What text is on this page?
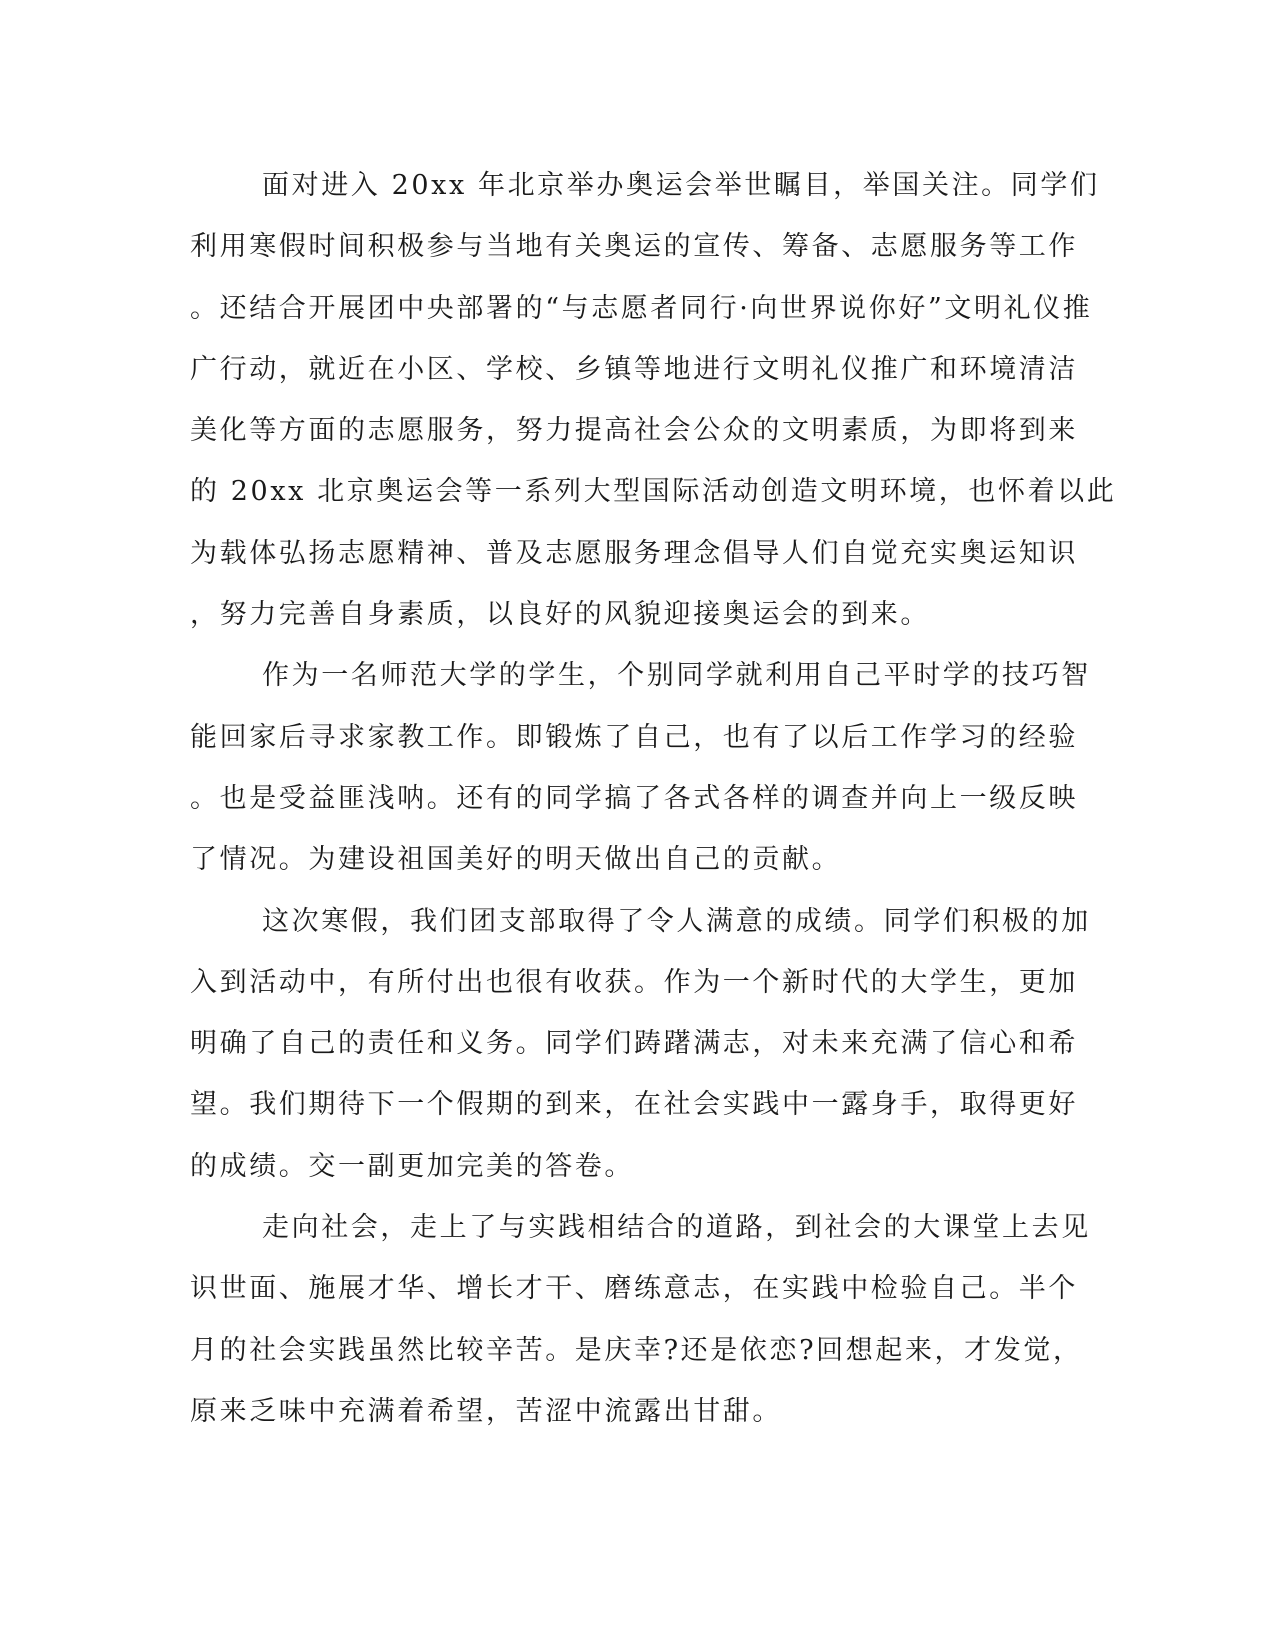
面对进入 20xx 年北京举办奥运会举世瞩目，举国关注。同学们
利用寒假时间积极参与当地有关奥运的宣传、筹备、志愿服务等工作
。还结合开展团中央部署的“与志愿者同行·向世界说你好”文明礼仪推
广行动，就近在小区、学校、乡镇等地进行文明礼仪推广和环境清洁
美化等方面的志愿服务，努力提高社会公众的文明素质，为即将到来
的 20xx 北京奥运会等一系列大型国际活动创造文明环境，也怀着以此
为载体弘扬志愿精神、普及志愿服务理念倡导人们自觉充实奥运知识
，努力完善自身素质，以良好的风貌迎接奥运会的到来。

作为一名师范大学的学生，个别同学就利用自己平时学的技巧智
能回家后寻求家教工作。即锻炼了自己，也有了以后工作学习的经验
。也是受益匪浅呐。还有的同学搞了各式各样的调查并向上一级反映
了情况。为建设祖国美好的明天做出自己的贡献。

这次寒假，我们团支部取得了令人满意的成绩。同学们积极的加
入到活动中，有所付出也很有收获。作为一个新时代的大学生，更加
明确了自己的责任和义务。同学们踌躇满志，对未来充满了信心和希
望。我们期待下一个假期的到来，在社会实践中一露身手，取得更好
的成绩。交一副更加完美的答卷。

走向社会，走上了与实践相结合的道路，到社会的大课堂上去见
识世面、施展才华、增长才干、磨练意志，在实践中检验自己。半个
月的社会实践虽然比较辛苦。是庆幸?还是依恋?回想起来，才发觉，
原来乏味中充满着希望，苦涩中流露出甘甜。
